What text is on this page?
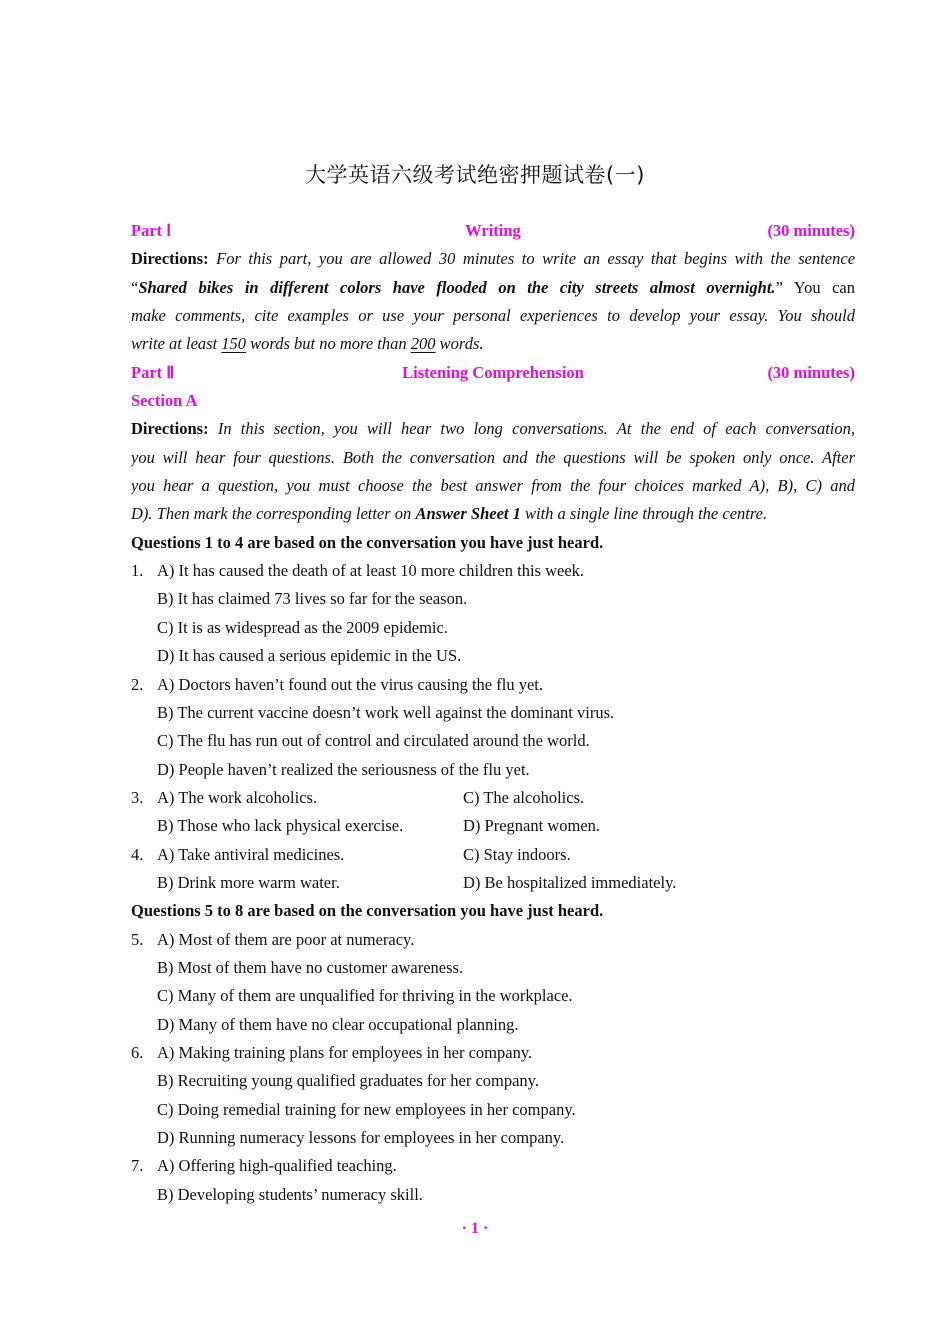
大学英语六级考试绝密押题试卷(一)
Part Ⅰ	Writing	(30 minutes)
Directions: For this part, you are allowed 30 minutes to write an essay that begins with the sentence
“Shared bikes in different colors have flooded on the city streets almost overnight.” You can
make comments, cite examples or use your personal experiences to develop your essay. You should
write at least 150 words but no more than 200 words.
Part Ⅱ	Listening Comprehension	(30 minutes)
Section A
Directions: In this section, you will hear two long conversations. At the end of each conversation,
you will hear four questions. Both the conversation and the questions will be spoken only once. After
you hear a question, you must choose the best answer from the four choices marked A), B), C) and
D). Then mark the corresponding letter on Answer Sheet 1 with a single line through the centre.
Questions 1 to 4 are based on the conversation you have just heard.
1. A) It has caused the death of at least 10 more children this week.
B) It has claimed 73 lives so far for the season.
C) It is as widespread as the 2009 epidemic.
D) It has caused a serious epidemic in the US.
2. A) Doctors haven’t found out the virus causing the flu yet.
B) The current vaccine doesn’t work well against the dominant virus.
C) The flu has run out of control and circulated around the world.
D) People haven’t realized the seriousness of the flu yet.
3. A) The work alcoholics.	C) The alcoholics.
B) Those who lack physical exercise.	D) Pregnant women.
4. A) Take antiviral medicines.	C) Stay indoors.
B) Drink more warm water.	D) Be hospitalized immediately.
Questions 5 to 8 are based on the conversation you have just heard.
5. A) Most of them are poor at numeracy.
B) Most of them have no customer awareness.
C) Many of them are unqualified for thriving in the workplace.
D) Many of them have no clear occupational planning.
6. A) Making training plans for employees in her company.
B) Recruiting young qualified graduates for her company.
C) Doing remedial training for new employees in her company.
D) Running numeracy lessons for employees in her company.
7. A) Offering high-qualified teaching.
B) Developing students’ numeracy skill.
· 1 ·
